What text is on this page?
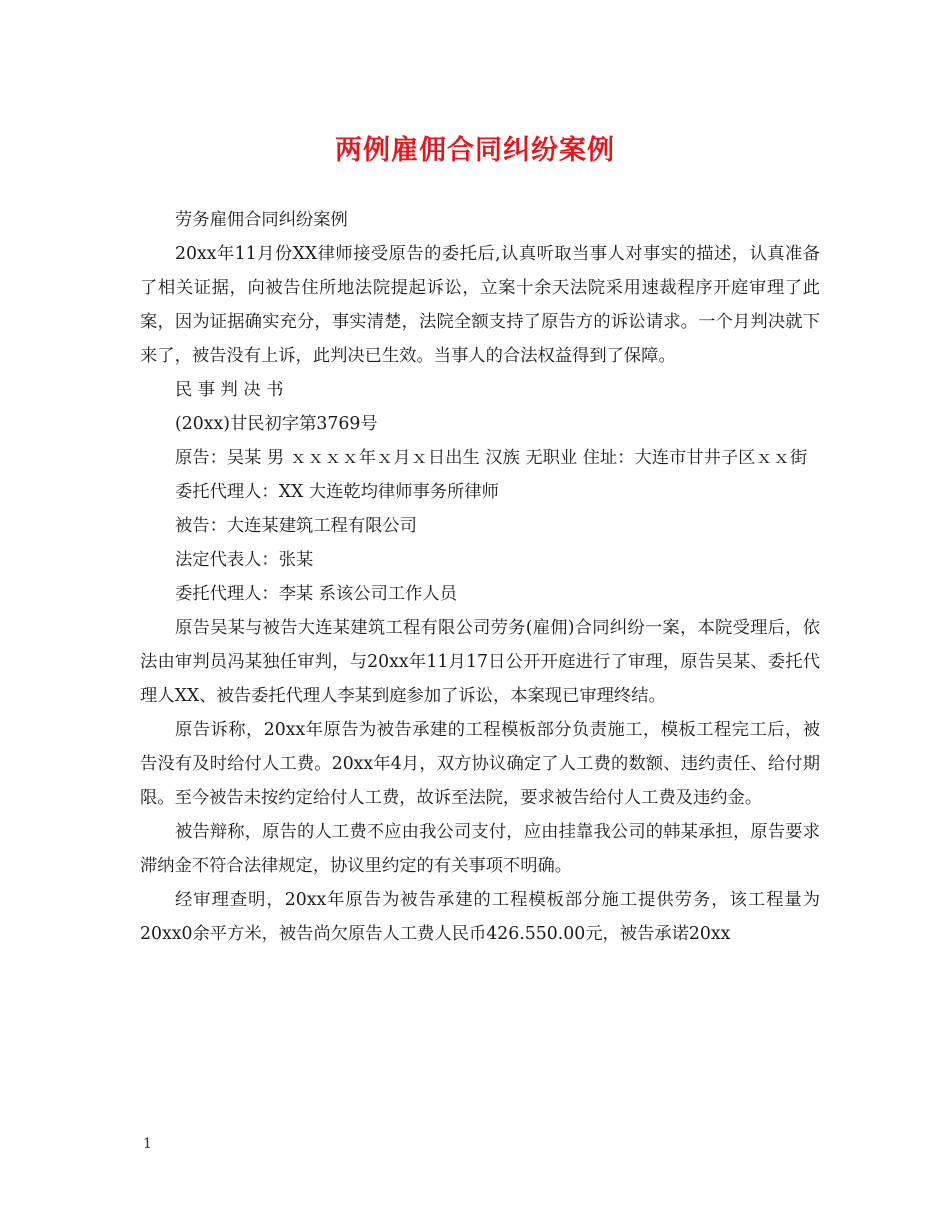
两例雇佣合同纠纷案例

劳务雇佣合同纠纷案例

20xx年11月份XX律师接受原告的委托后,认真听取当事人对事实的描述，认真准备了相关证据，向被告住所地法院提起诉讼，立案十余天法院采用速裁程序开庭审理了此案，因为证据确实充分，事实清楚，法院全额支持了原告方的诉讼请求。一个月判决就下来了，被告没有上诉，此判决已生效。当事人的合法权益得到了保障。

民 事 判 决 书

(20xx)甘民初字第3769号

原告：吴某 男 ｘｘｘｘ年ｘ月ｘ日出生 汉族 无职业 住址：大连市甘井子区ｘｘ街

委托代理人：XX 大连乾均律师事务所律师

被告：大连某建筑工程有限公司

法定代表人：张某

委托代理人：李某 系该公司工作人员

原告吴某与被告大连某建筑工程有限公司劳务(雇佣)合同纠纷一案，本院受理后，依法由审判员冯某独任审判，与20xx年11月17日公开开庭进行了审理，原告吴某、委托代理人XX、被告委托代理人李某到庭参加了诉讼，本案现已审理终结。

原告诉称，20xx年原告为被告承建的工程模板部分负责施工，模板工程完工后，被告没有及时给付人工费。20xx年4月，双方协议确定了人工费的数额、违约责任、给付期限。至今被告未按约定给付人工费，故诉至法院，要求被告给付人工费及违约金。

被告辩称，原告的人工费不应由我公司支付，应由挂靠我公司的韩某承担，原告要求滞纳金不符合法律规定，协议里约定的有关事项不明确。

经审理查明，20xx年原告为被告承建的工程模板部分施工提供劳务，该工程量为20xx0余平方米，被告尚欠原告人工费人民币426.550.00元，被告承诺20xx

1
